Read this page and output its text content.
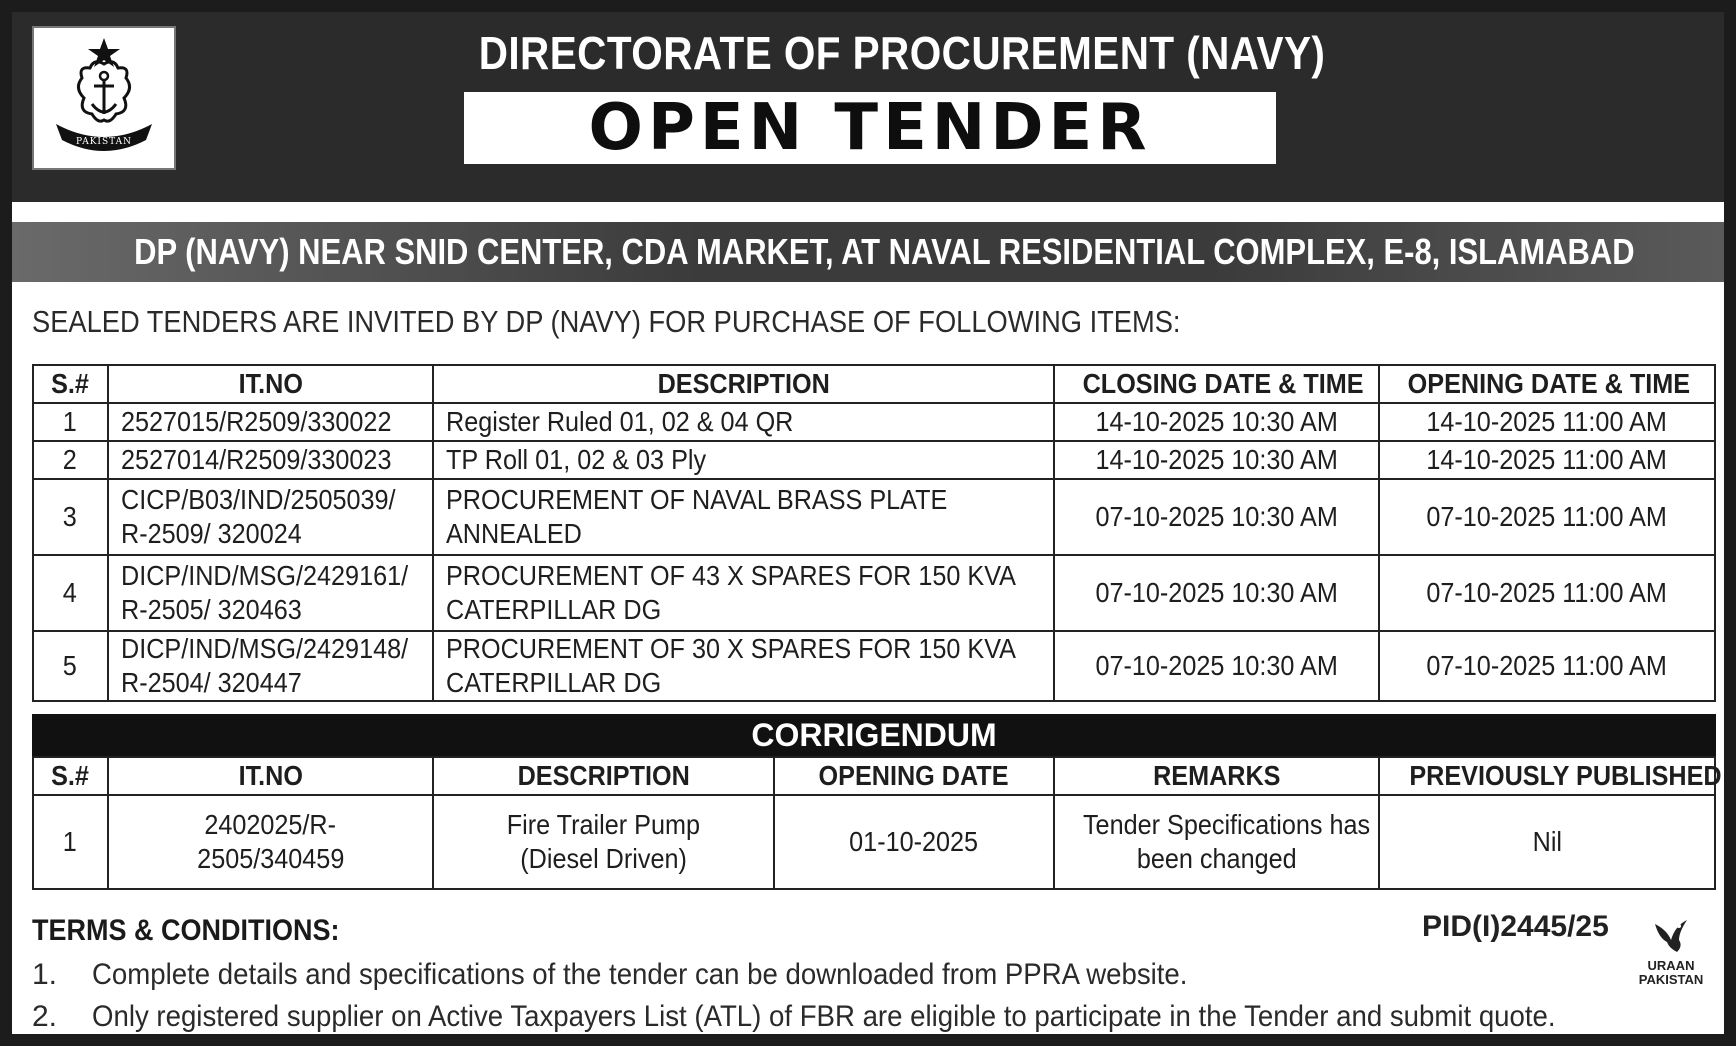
PAKISTAN
DIRECTORATE OF PROCUREMENT (NAVY)
OPEN TENDER
DP (NAVY) NEAR SNID CENTER, CDA MARKET, AT NAVAL RESIDENTIAL COMPLEX, E-8, ISLAMABAD
SEALED TENDERS ARE INVITED BY DP (NAVY) FOR PURCHASE OF FOLLOWING ITEMS:
S.#	IT.NO	DESCRIPTION	CLOSING DATE & TIME	OPENING DATE & TIME
1	2527015/R2509/330022	Register Ruled 01, 02 & 04 QR	14-10-2025 10:30 AM	14-10-2025 11:00 AM
2	2527014/R2509/330023	TP Roll 01, 02 & 03 Ply	14-10-2025 10:30 AM	14-10-2025 11:00 AM
3	CICP/B03/IND/2505039/
R-2509/ 320024	PROCUREMENT OF NAVAL BRASS PLATE
ANNEALED	07-10-2025 10:30 AM	07-10-2025 11:00 AM
4	DICP/IND/MSG/2429161/
R-2505/ 320463	PROCUREMENT OF 43 X SPARES FOR 150 KVA
CATERPILLAR DG	07-10-2025 10:30 AM	07-10-2025 11:00 AM
5	DICP/IND/MSG/2429148/
R-2504/ 320447	PROCUREMENT OF 30 X SPARES FOR 150 KVA
CATERPILLAR DG	07-10-2025 10:30 AM	07-10-2025 11:00 AM
CORRIGENDUM
S.#	IT.NO	DESCRIPTION	OPENING DATE	REMARKS	PREVIOUSLY PUBLISHED
1	2402025/R-
2505/340459	Fire Trailer Pump
(Diesel Driven)	01-10-2025	Tender Specifications has
been changed	Nil
TERMS & CONDITIONS:
1. Complete details and specifications of the tender can be downloaded from PPRA website.
2. Only registered supplier on Active Taxpayers List (ATL) of FBR are eligible to participate in the Tender and submit quote.
PID(I)2445/25
URAAN
PAKISTAN
